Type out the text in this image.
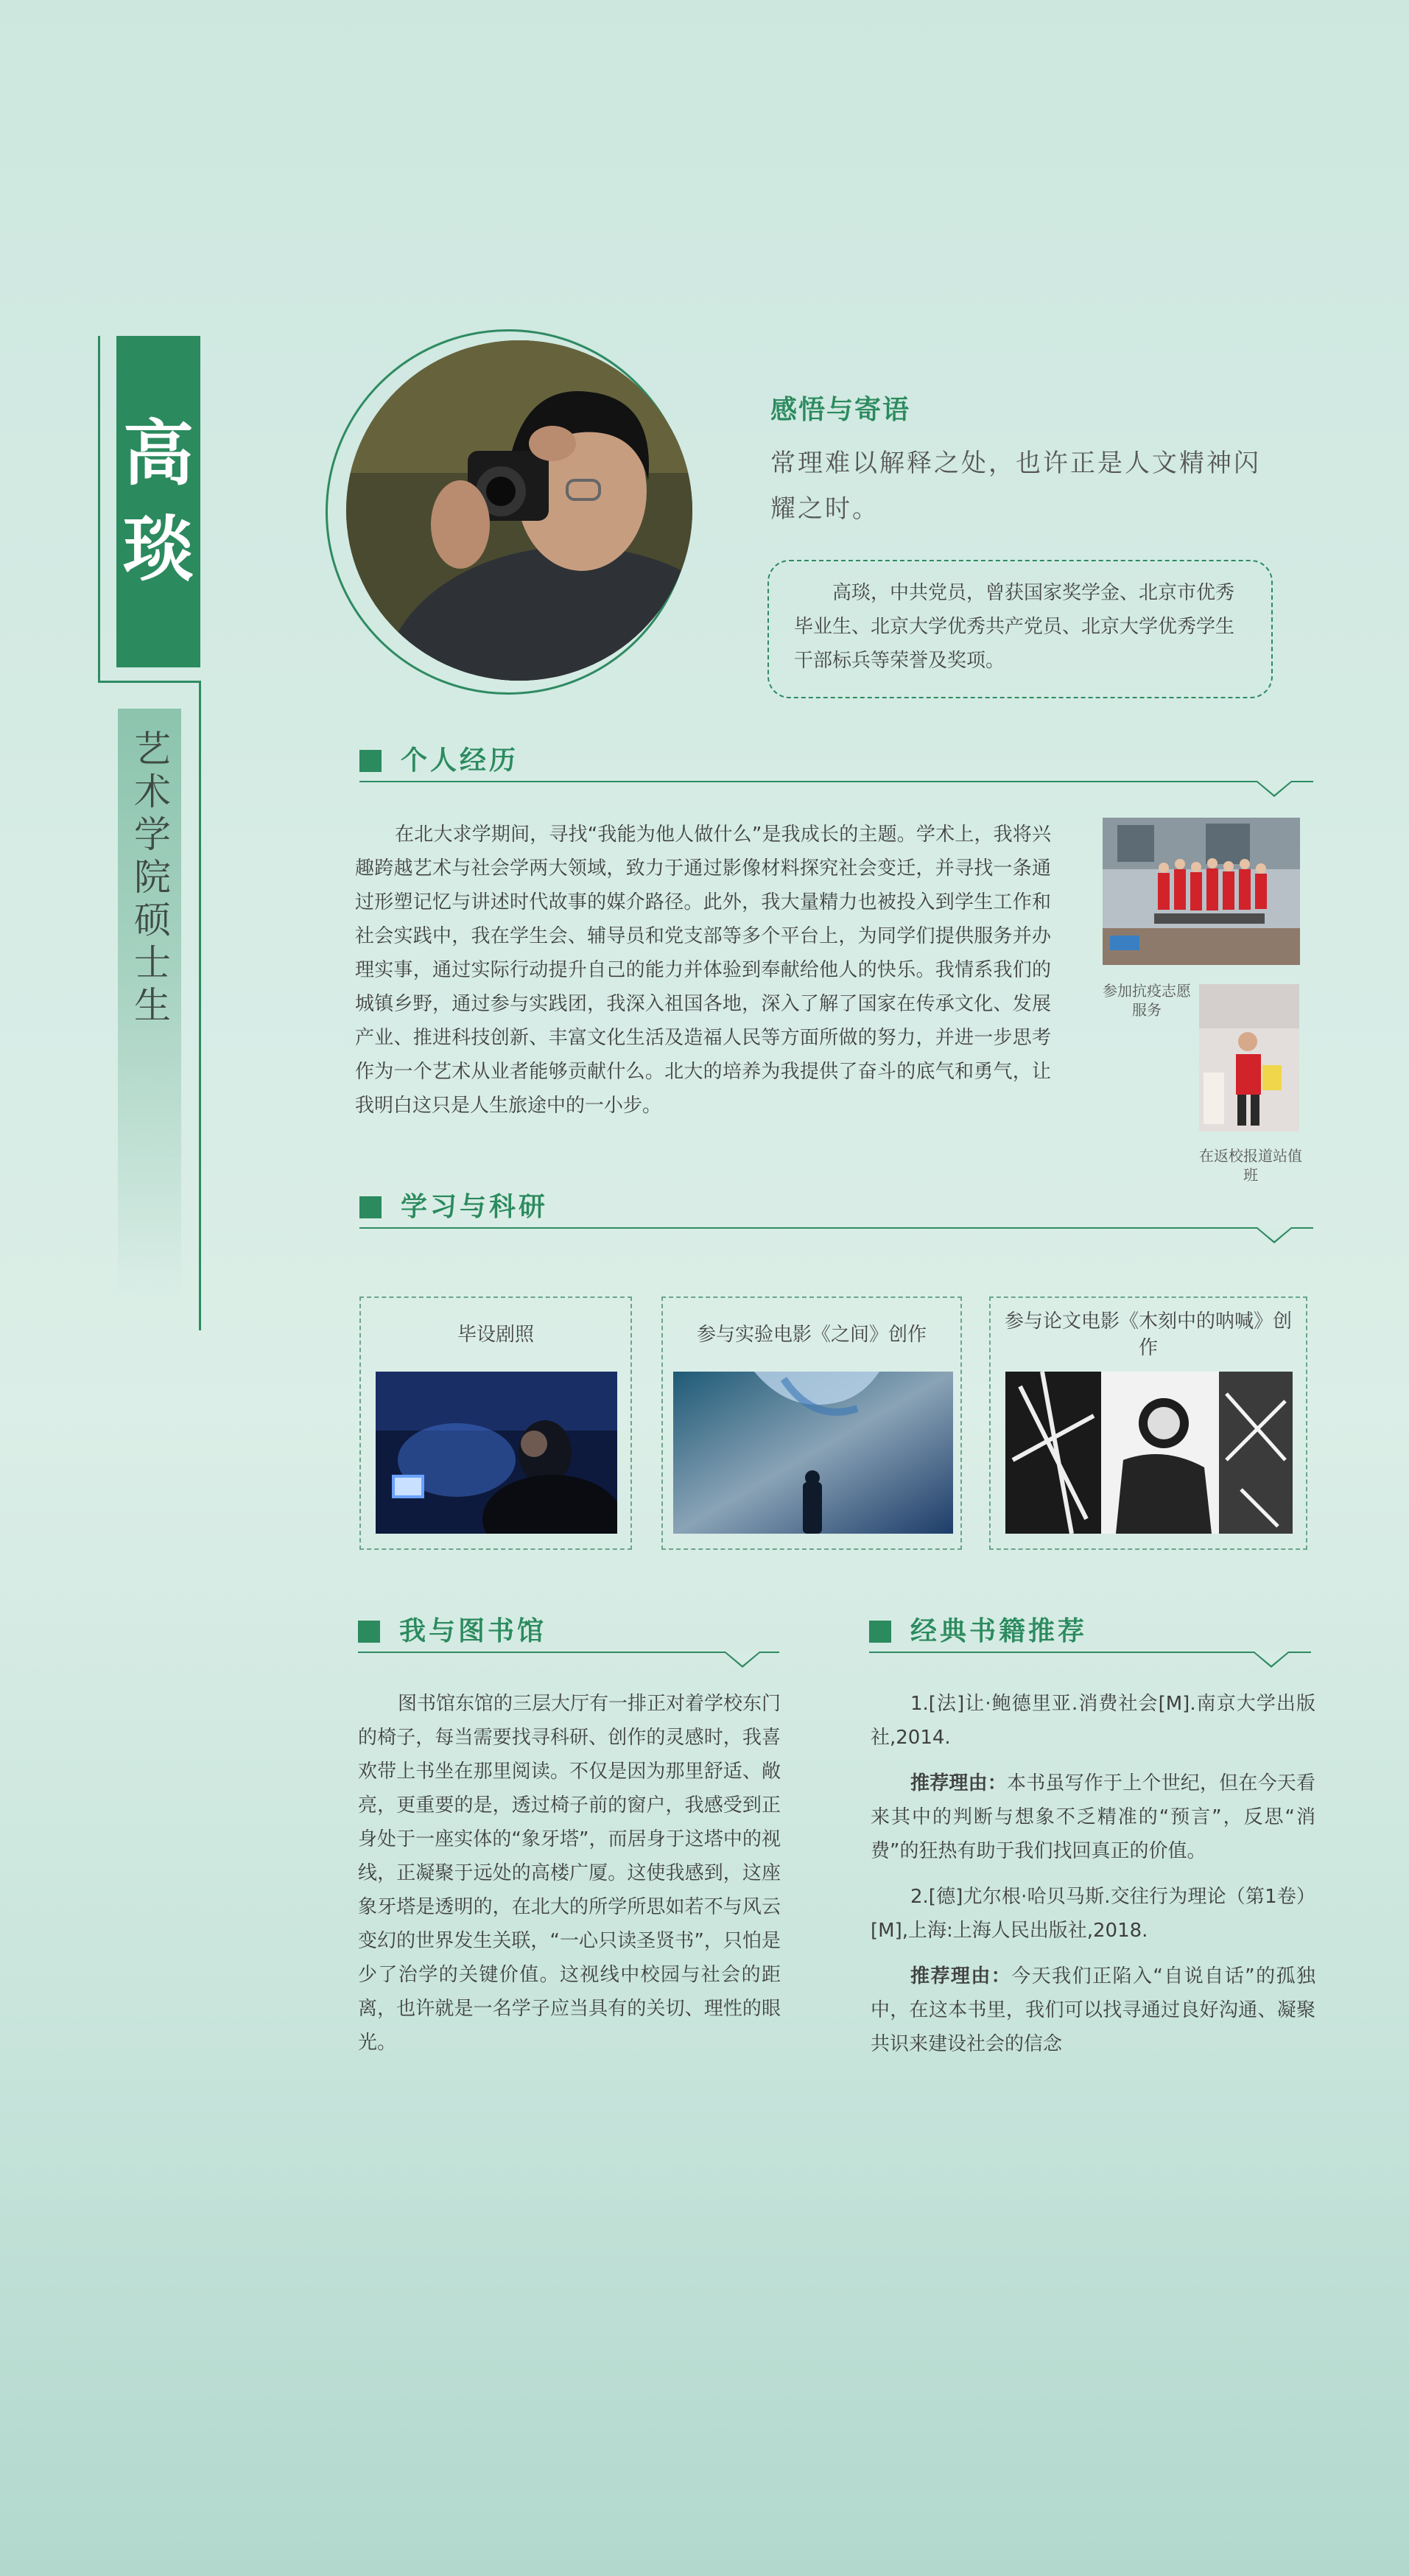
高
琰
艺术学院硕士生
感悟与寄语
常理难以解释之处，也许正是人文精神闪耀之时。
高琰，中共党员，曾获国家奖学金、北京市优秀毕业生、北京大学优秀共产党员、北京大学优秀学生干部标兵等荣誉及奖项。
个人经历
在北大求学期间，寻找“我能为他人做什么”是我成长的主题。学术上，我将兴趣跨越艺术与社会学两大领域，致力于通过影像材料探究社会变迁，并寻找一条通过形塑记忆与讲述时代故事的媒介路径。此外，我大量精力也被投入到学生工作和社会实践中，我在学生会、辅导员和党支部等多个平台上，为同学们提供服务并办理实事，通过实际行动提升自己的能力并体验到奉献给他人的快乐。我情系我们的城镇乡野，通过参与实践团，我深入祖国各地，深入了解了国家在传承文化、发展产业、推进科技创新、丰富文化生活及造福人民等方面所做的努力，并进一步思考作为一个艺术从业者能够贡献什么。北大的培养为我提供了奋斗的底气和勇气，让我明白这只是人生旅途中的一小步。
参加抗疫志愿服务
在返校报道站值班
学习与科研
毕设剧照	参与实验电影《之间》创作
参与论文电影《木刻中的呐喊》创作
我与图书馆
图书馆东馆的三层大厅有一排正对着学校东门的椅子，每当需要找寻科研、创作的灵感时，我喜欢带上书坐在那里阅读。不仅是因为那里舒适、敞亮，更重要的是，透过椅子前的窗户，我感受到正身处于一座实体的“象牙塔”，而居身于这塔中的视线，正凝聚于远处的高楼广厦。这使我感到，这座象牙塔是透明的，在北大的所学所思如若不与风云变幻的世界发生关联，“一心只读圣贤书”，只怕是少了治学的关键价值。这视线中校园与社会的距离，也许就是一名学子应当具有的关切、理性的眼光。
经典书籍推荐
1.[法]让·鲍德里亚.消费社会[M].南京大学出版社,2014.
推荐理由：本书虽写作于上个世纪，但在今天看来其中的判断与想象不乏精准的“预言”，反思“消费”的狂热有助于我们找回真正的价值。
2.[德]尤尔根·哈贝马斯.交往行为理论（第1卷）[M],上海:上海人民出版社,2018.
推荐理由：今天我们正陷入“自说自话”的孤独中，在这本书里，我们可以找寻通过良好沟通、凝聚共识来建设社会的信念
